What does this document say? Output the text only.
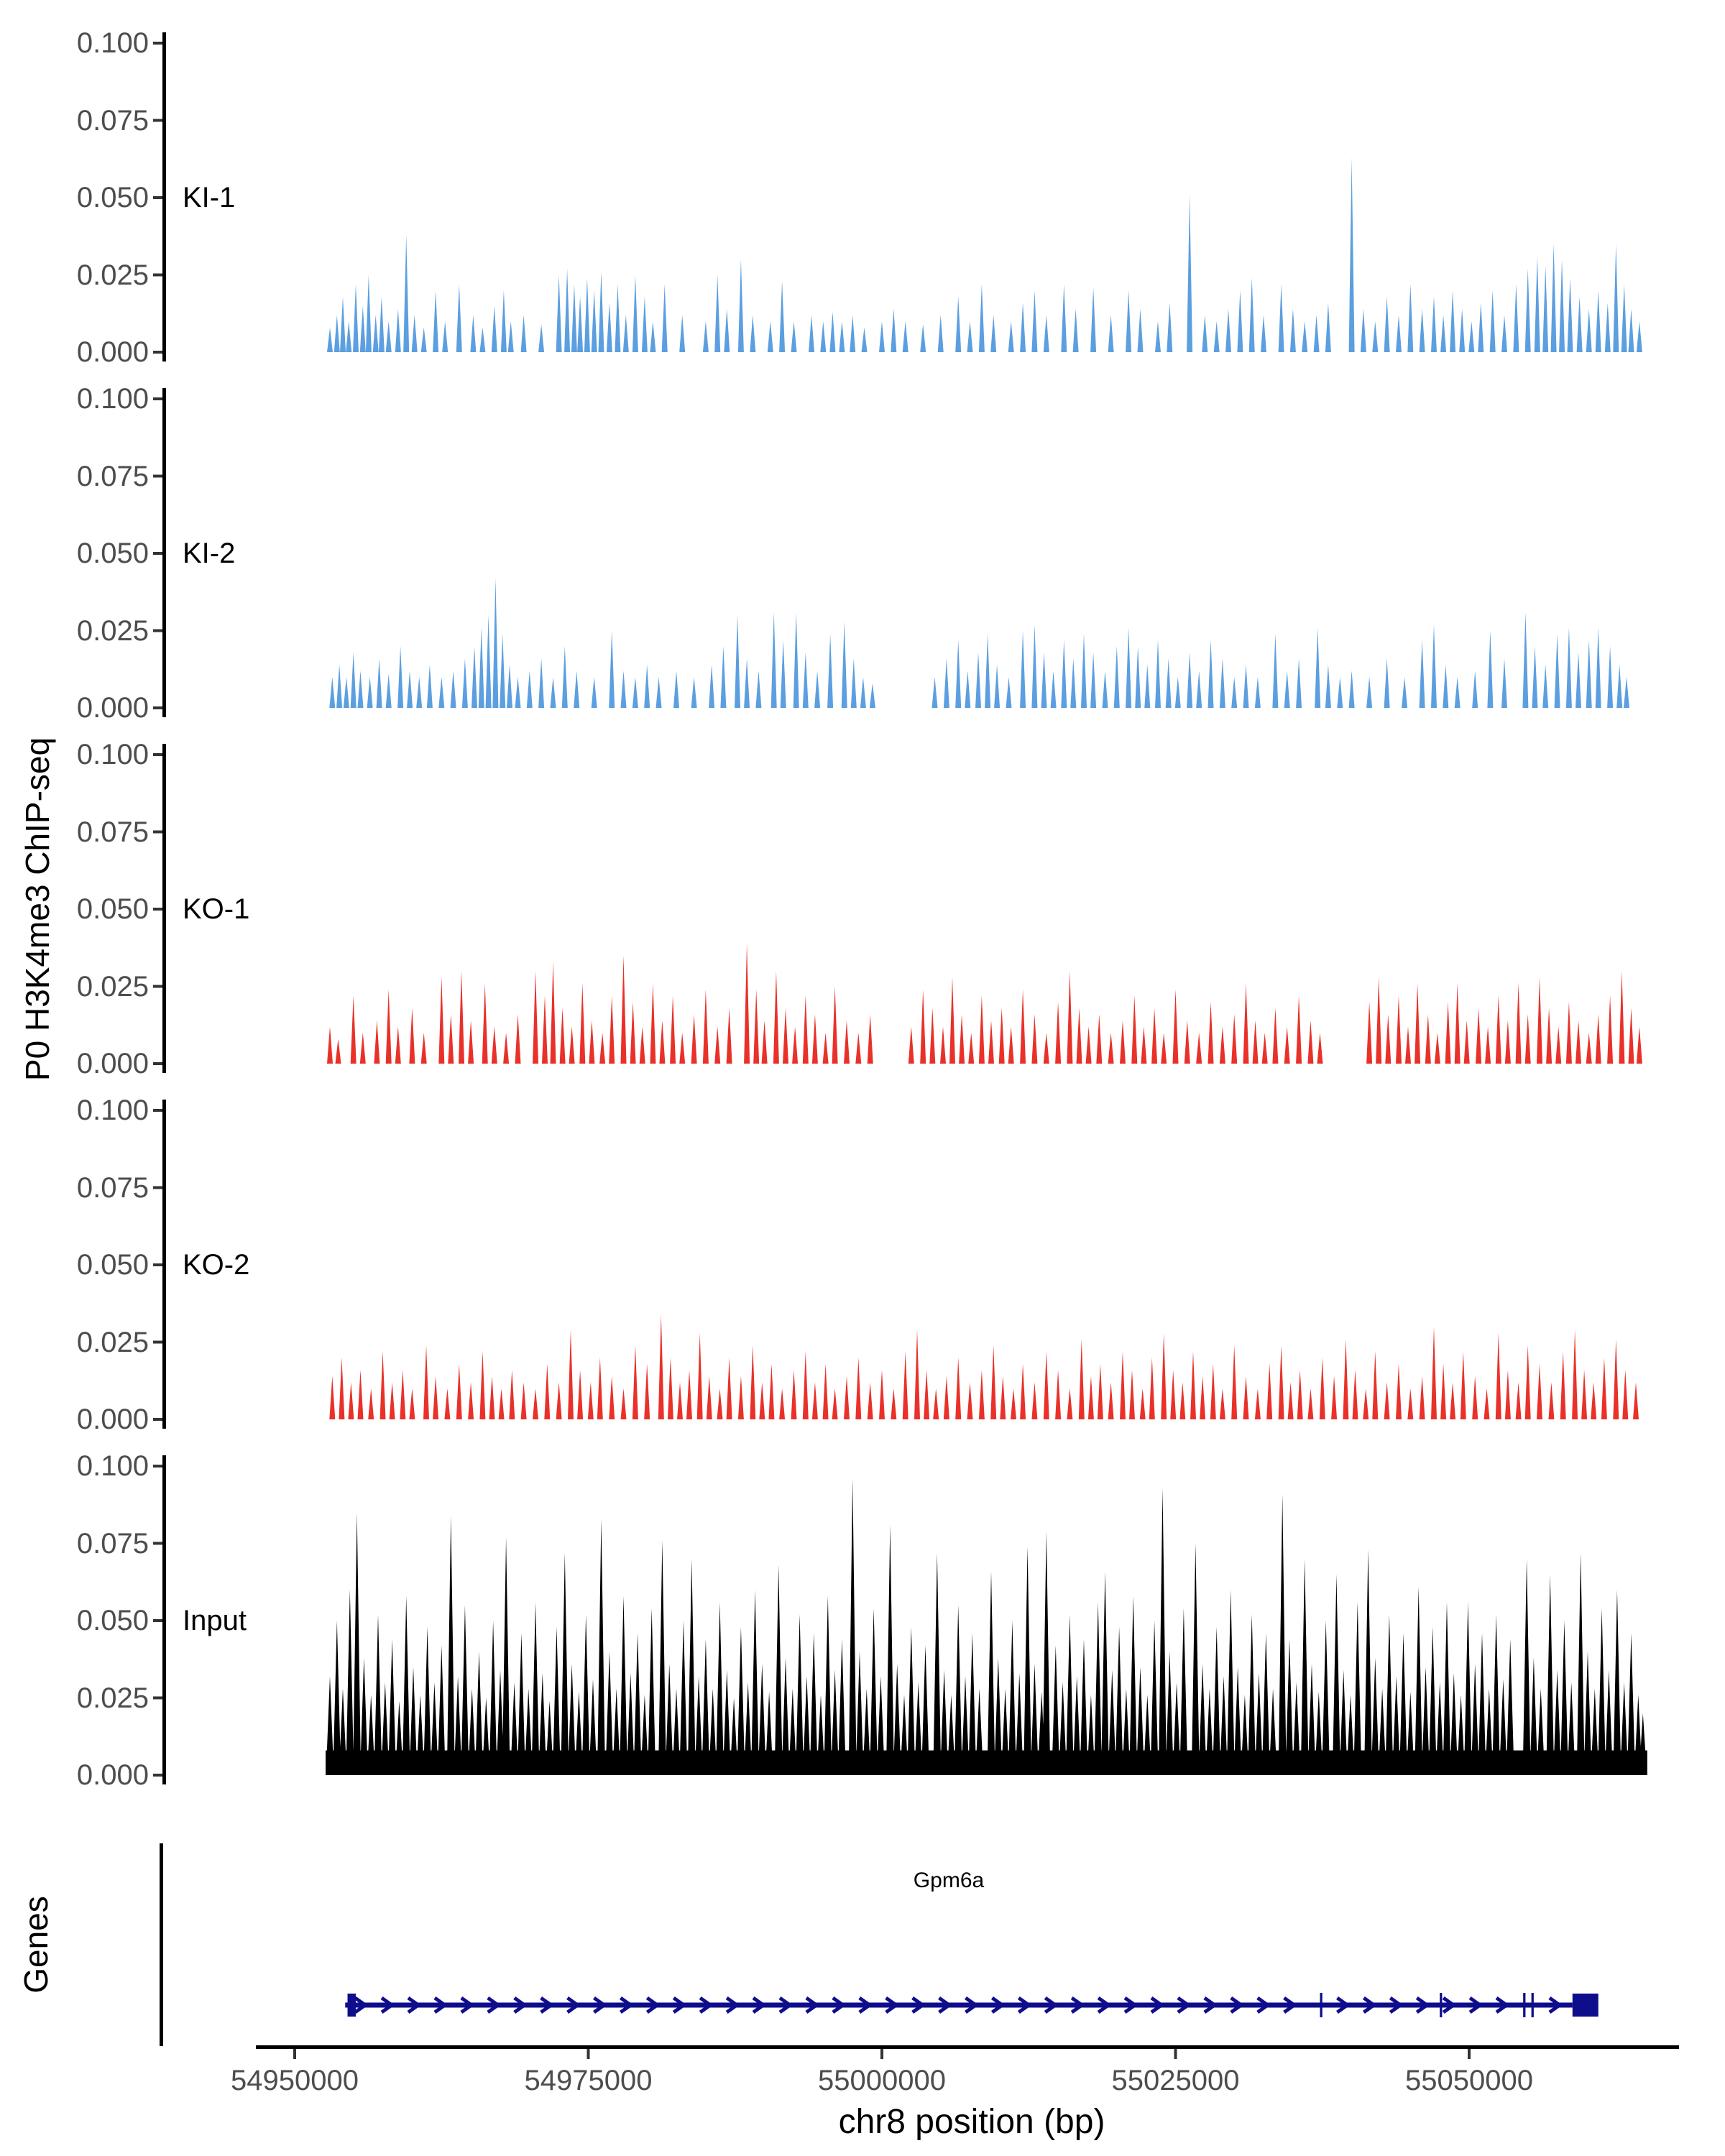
P0 H3K4me3 ChIP-seq
Genes
chr8 position (bp)
Gpm6a
0.100
0.075
0.050
0.025
0.000
KI-1
0.100
0.075
0.050
0.025
0.000
KI-2
0.100
0.075
0.050
0.025
0.000
KO-1
0.100
0.075
0.050
0.025
0.000
KO-2
0.100
0.075
0.050
0.025
0.000
Input
54950000	54975000	55000000	55025000	55050000
